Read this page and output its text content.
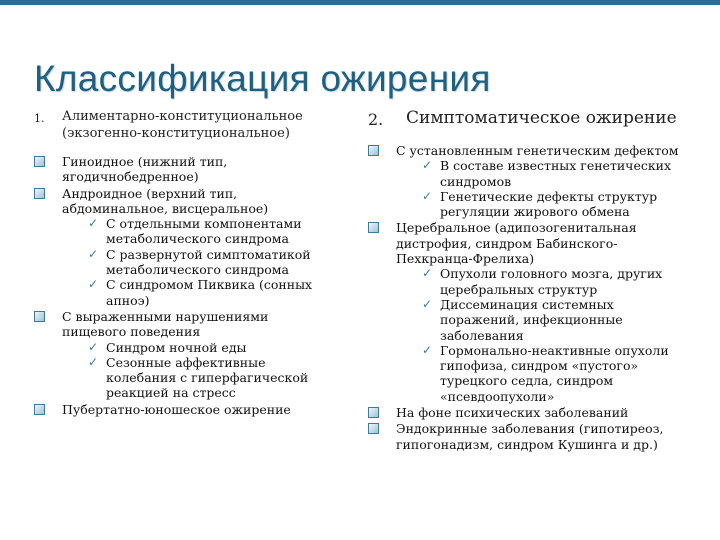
Классификация ожирения
1.	Алиментарно-конституциональное (экзогенно-конституциональное)
Гиноидное (нижний тип, ягодичнобедренное)
Андроидное (верхний тип, абдоминальное, висцеральное)
✓ С отдельными компонентами метаболического синдрома
✓ С развернутой симптоматикой метаболического синдрома
✓ С синдромом Пиквика (сонных апноэ)
С выраженными нарушениями пищевого поведения
✓ Синдром ночной еды
✓ Сезонные аффективные колебания с гиперфагической реакцией на стресс
Пубертатно-юношеское ожирение
2.	Симптоматическое ожирение
С установленным генетическим дефектом
✓ В составе известных генетических синдромов
✓ Генетические дефекты структур регуляции жирового обмена
Церебральное (адипозогенитальная дистрофия, синдром Бабинского-Пехкранца-Фрелиха)
✓ Опухоли головного мозга, других церебральных структур
✓ Диссеминация системных поражений, инфекционные заболевания
✓ Гормонально-неактивные опухоли гипофиза, синдром «пустого» турецкого седла, синдром «псевдоопухоли»
На фоне психических заболеваний
Эндокринные заболевания (гипотиреоз, гипогонадизм, синдром Кушинга и др.)
